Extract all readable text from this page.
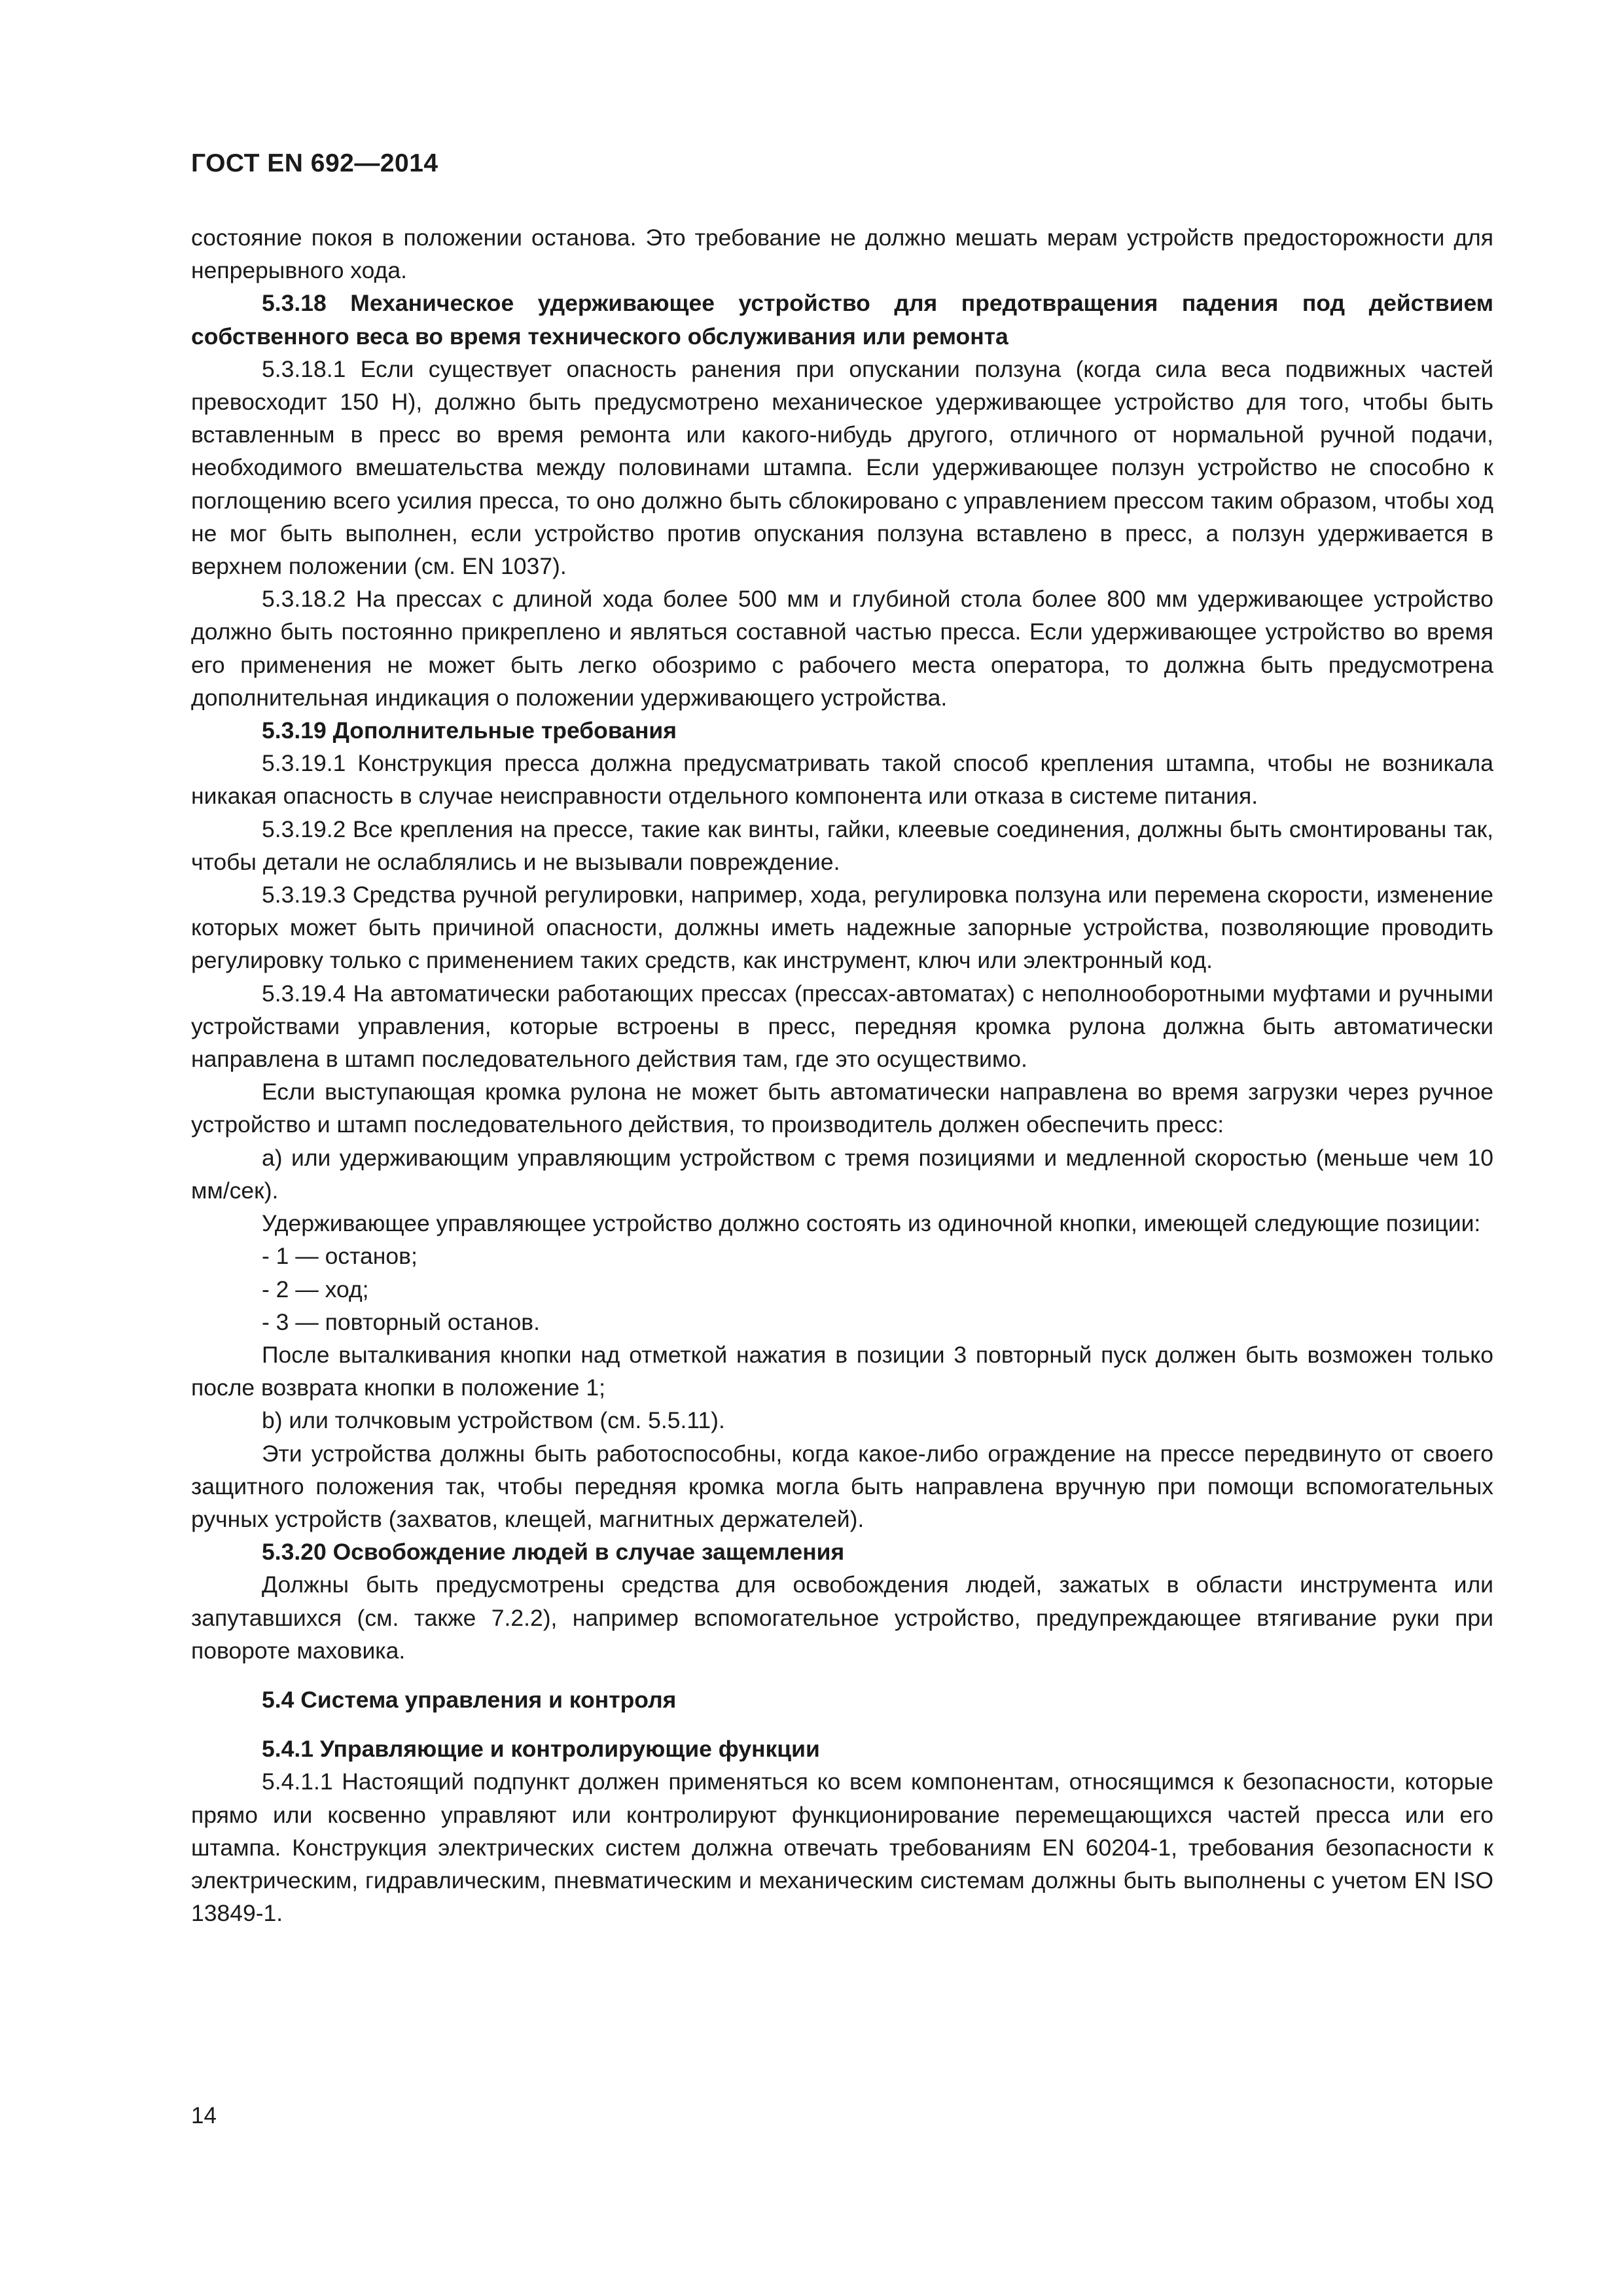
ГОСТ EN 692—2014

состояние покоя в положении останова. Это требование не должно мешать мерам устройств предосторожности для непрерывного хода.

5.3.18 Механическое удерживающее устройство для предотвращения падения под действием собственного веса во время технического обслуживания или ремонта

5.3.18.1 Если существует опасность ранения при опускании ползуна (когда сила веса подвижных частей превосходит 150 Н), должно быть предусмотрено механическое удерживающее устройство для того, чтобы быть вставленным в пресс во время ремонта или какого-нибудь другого, отличного от нормальной ручной подачи, необходимого вмешательства между половинами штампа. Если удерживающее ползун устройство не способно к поглощению всего усилия пресса, то оно должно быть сблокировано с управлением прессом таким образом, чтобы ход не мог быть выполнен, если устройство против опускания ползуна вставлено в пресс, а ползун удерживается в верхнем положении (см. EN 1037).

5.3.18.2 На прессах с длиной хода более 500 мм и глубиной стола более 800 мм удерживающее устройство должно быть постоянно прикреплено и являться составной частью пресса. Если удерживающее устройство во время его применения не может быть легко обозримо с рабочего места оператора, то должна быть предусмотрена дополнительная индикация о положении удерживающего устройства.

5.3.19 Дополнительные требования

5.3.19.1 Конструкция пресса должна предусматривать такой способ крепления штампа, чтобы не возникала никакая опасность в случае неисправности отдельного компонента или отказа в системе питания.

5.3.19.2 Все крепления на прессе, такие как винты, гайки, клеевые соединения, должны быть смонтированы так, чтобы детали не ослаблялись и не вызывали повреждение.

5.3.19.3 Средства ручной регулировки, например, хода, регулировка ползуна или перемена скорости, изменение которых может быть причиной опасности, должны иметь надежные запорные устройства, позволяющие проводить регулировку только с применением таких средств, как инструмент, ключ или электронный код.

5.3.19.4 На автоматически работающих прессах (прессах-автоматах) с неполнооборотными муфтами и ручными устройствами управления, которые встроены в пресс, передняя кромка рулона должна быть автоматически направлена в штамп последовательного действия там, где это осуществимо.

Если выступающая кромка рулона не может быть автоматически направлена во время загрузки через ручное устройство и штамп последовательного действия, то производитель должен обеспечить пресс:

а) или удерживающим управляющим устройством с тремя позициями и медленной скоростью (меньше чем 10 мм/сек).

Удерживающее управляющее устройство должно состоять из одиночной кнопки, имеющей следующие позиции:

- 1 — останов;

- 2 — ход;

- 3 — повторный останов.

После выталкивания кнопки над отметкой нажатия в позиции 3 повторный пуск должен быть возможен только после возврата кнопки в положение 1;

b) или толчковым устройством (см. 5.5.11).

Эти устройства должны быть работоспособны, когда какое-либо ограждение на прессе передвинуто от своего защитного положения так, чтобы передняя кромка могла быть направлена вручную при помощи вспомогательных ручных устройств (захватов, клещей, магнитных держателей).

5.3.20 Освобождение людей в случае защемления

Должны быть предусмотрены средства для освобождения людей, зажатых в области инструмента или запутавшихся (см. также 7.2.2), например вспомогательное устройство, предупреждающее втягивание руки при повороте маховика.

5.4 Система управления и контроля

5.4.1 Управляющие и контролирующие функции

5.4.1.1 Настоящий подпункт должен применяться ко всем компонентам, относящимся к безопасности, которые прямо или косвенно управляют или контролируют функционирование перемещающихся частей пресса или его штампа. Конструкция электрических систем должна отвечать требованиям EN 60204-1, требования безопасности к электрическим, гидравлическим, пневматическим и механическим системам должны быть выполнены с учетом EN ISO 13849-1.

14
